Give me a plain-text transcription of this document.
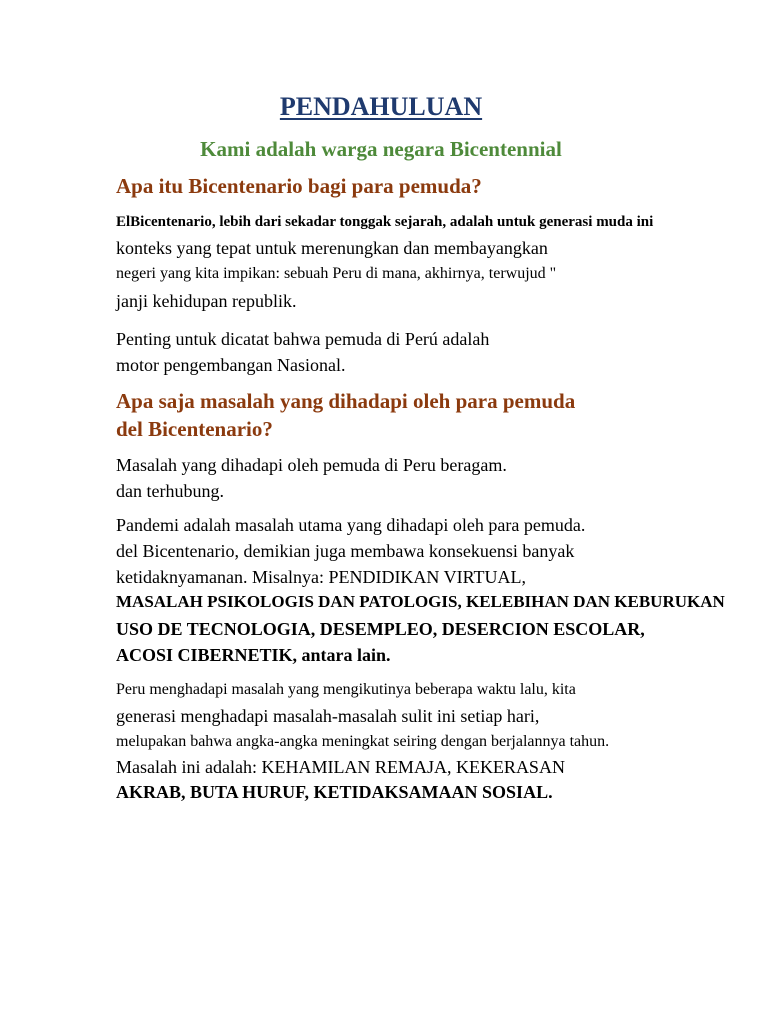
PENDAHULUAN
Kami adalah warga negara Bicentennial
Apa itu Bicentenario bagi para pemuda?
ElBicentenario, lebih dari sekadar tonggak sejarah, adalah untuk generasi muda ini
konteks yang tepat untuk merenungkan dan membayangkan
negeri yang kita impikan: sebuah Peru di mana, akhirnya, terwujud "
janji kehidupan republik.
Penting untuk dicatat bahwa pemuda di Perú adalah
motor pengembangan Nasional.
Apa saja masalah yang dihadapi oleh para pemuda
del Bicentenario?
Masalah yang dihadapi oleh pemuda di Peru beragam.
dan terhubung.
Pandemi adalah masalah utama yang dihadapi oleh para pemuda.
del Bicentenario, demikian juga membawa konsekuensi banyak
ketidaknyamanan. Misalnya: PENDIDIKAN VIRTUAL,
MASALAH PSIKOLOGIS DAN PATOLOGIS, KELEBIHAN DAN KEBURUKAN
USO DE TECNOLOGIA, DESEMPLEO, DESERCION ESCOLAR,
ACOSI CIBERNETIK, antara lain.
Peru menghadapi masalah yang mengikutinya beberapa waktu lalu, kita
generasi menghadapi masalah-masalah sulit ini setiap hari,
melupakan bahwa angka-angka meningkat seiring dengan berjalannya tahun.
Masalah ini adalah: KEHAMILAN REMAJA, KEKERASAN
AKRAB, BUTA HURUF, KETIDAKSAMAAN SOSIAL.
